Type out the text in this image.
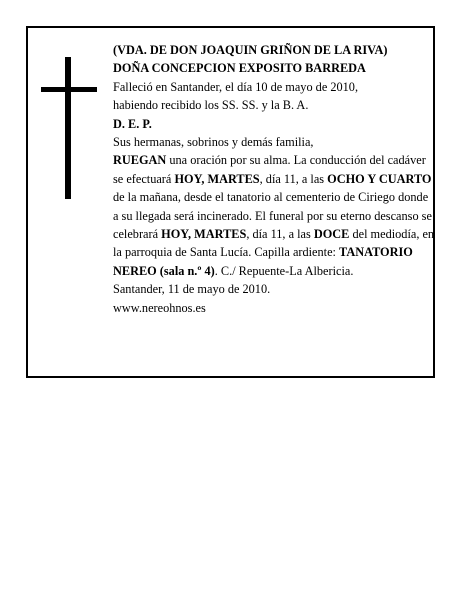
(VDA. DE DON JOAQUIN GRIÑON DE LA RIVA)

DOÑA CONCEPCION EXPOSITO BARREDA

Falleció en Santander, el día 10 de mayo de 2010,

habiendo recibido los SS. SS. y la B. A.

D. E. P.

Sus hermanas, sobrinos y demás familia,

RUEGAN una oración por su alma. La conducción del cadáver se efectuará HOY, MARTES, día 11, a las OCHO Y CUARTO de la mañana, desde el tanatorio al cementerio de Ciriego donde a su llegada será incinerado. El funeral por su eterno descanso se celebrará HOY, MARTES, día 11, a las DOCE del mediodía, en la parroquia de Santa Lucía. Capilla ardiente: TANATORIO NEREO (sala n.º 4). C./ Repuente-La Albericia.

Santander, 11 de mayo de 2010.

www.nereohnos.es
